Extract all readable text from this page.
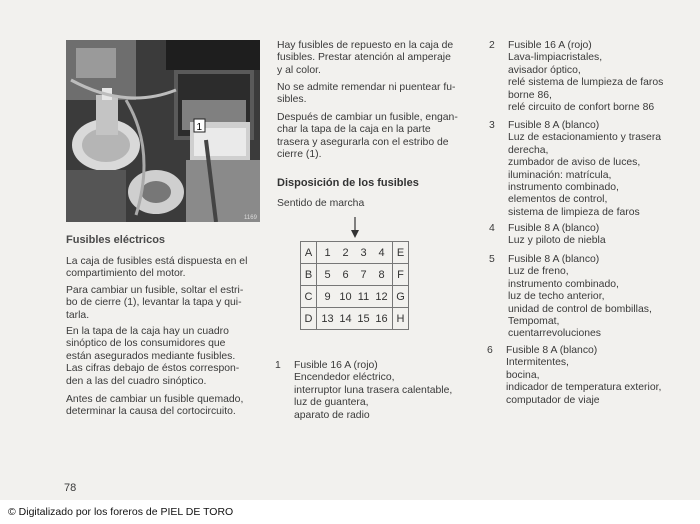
1
1169
Fusibles eléctricos
La caja de fusibles está dispuesta en el
compartimiento del motor.
Para cambiar un fusible, soltar el estri-
bo de cierre (1), levantar la tapa y qui-
tarla.
En la tapa de la caja hay un cuadro
sinóptico de los consumidores que
están asegurados mediante fusibles.
Las cifras debajo de éstos correspon-
den a las del cuadro sinóptico.
Antes de cambiar un fusible quemado,
determinar la causa del cortocircuito.
Hay fusibles de repuesto en la caja de
fusibles. Prestar atención al amperaje
y al color.
No se admite remendar ni puentear fu-
sibles.
Después de cambiar un fusible, engan-
char la tapa de la caja en la parte
trasera y asegurarla con el estribo de
cierre (1).
Disposición de los fusibles
Sentido de marcha
A	1 2 3 4	E
B	5 6 7 8	F
C	9 10 11 12	G
D	13 14 15 16	H
1 Fusible 16 A (rojo)
Encendedor eléctrico,
interruptor luna trasera calentable,
luz de guantera,
aparato de radio
2 Fusible 16 A (rojo)
Lava-limpiacristales,
avisador óptico,
relé sistema de lumpieza de faros
borne 86,
relé circuito de confort borne 86
3 Fusible 8 A (blanco)
Luz de estacionamiento y trasera
derecha,
zumbador de aviso de luces,
iluminación: matrícula,
instrumento combinado,
elementos de control,
sistema de limpieza de faros
4 Fusible 8 A (blanco)
Luz y piloto de niebla
5 Fusible 8 A (blanco)
Luz de freno,
instrumento combinado,
luz de techo anterior,
unidad de control de bombillas,
Tempomat,
cuentarrevoluciones
6 Fusible 8 A (blanco)
Intermitentes,
bocina,
indicador de temperatura exterior,
computador de viaje
78
© Digitalizado por los foreros de PIEL DE TORO
